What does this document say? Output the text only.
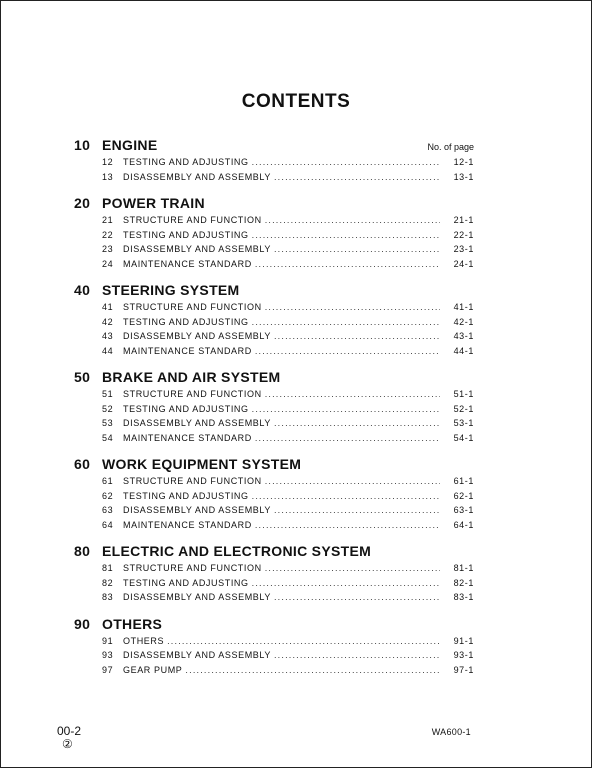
CONTENTS
10 ENGINE	No. of page
12	TESTING AND ADJUSTING .....	12-1
13	DISASSEMBLY AND ASSEMBLY .....	13-1
20 POWER TRAIN
21	STRUCTURE AND FUNCTION .....	21-1
22	TESTING AND ADJUSTING .....	22-1
23	DISASSEMBLY AND ASSEMBLY .....	23-1
24	MAINTENANCE STANDARD .....	24-1
40 STEERING SYSTEM
41	STRUCTURE AND FUNCTION .....	41-1
42	TESTING AND ADJUSTING .....	42-1
43	DISASSEMBLY AND ASSEMBLY .....	43-1
44	MAINTENANCE STANDARD .....	44-1
50 BRAKE AND AIR SYSTEM
51	STRUCTURE AND FUNCTION .....	51-1
52	TESTING AND ADJUSTING .....	52-1
53	DISASSEMBLY AND ASSEMBLY .....	53-1
54	MAINTENANCE STANDARD .....	54-1
60 WORK EQUIPMENT SYSTEM
61	STRUCTURE AND FUNCTION .....	61-1
62	TESTING AND ADJUSTING .....	62-1
63	DISASSEMBLY AND ASSEMBLY .....	63-1
64	MAINTENANCE STANDARD .....	64-1
80 ELECTRIC AND ELECTRONIC SYSTEM
81	STRUCTURE AND FUNCTION .....	81-1
82	TESTING AND ADJUSTING .....	82-1
83	DISASSEMBLY AND ASSEMBLY .....	83-1
90 OTHERS
91	OTHERS .....	91-1
93	DISASSEMBLY AND ASSEMBLY .....	93-1
97	GEAR PUMP .....	97-1
00-2
②
WA600-1
